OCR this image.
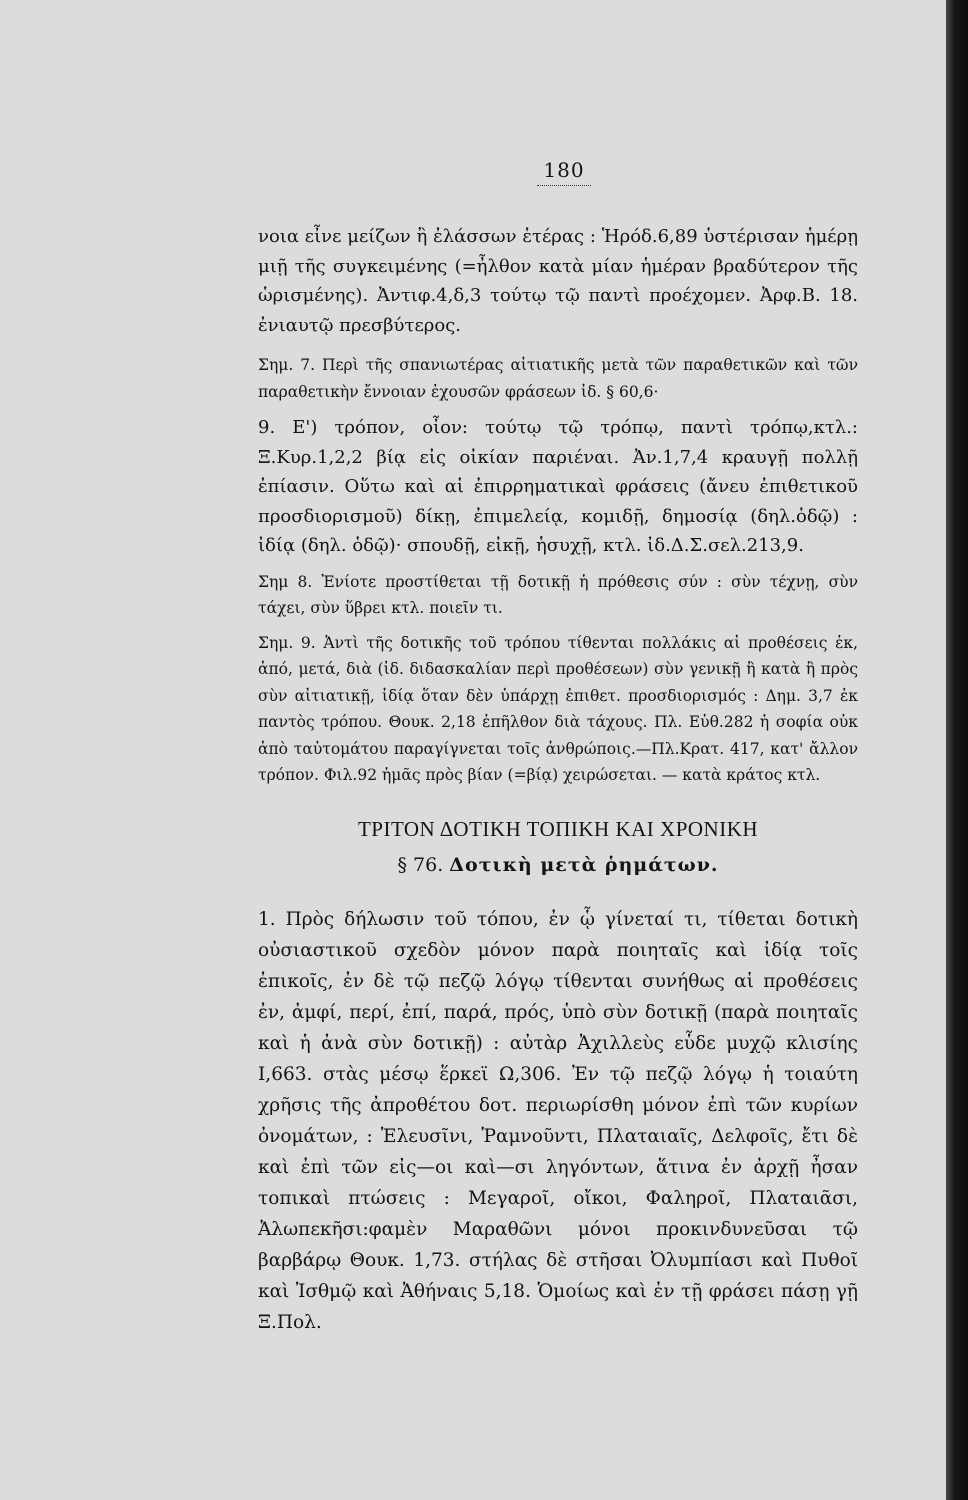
180

νοια εἶνε μείζων ἢ ἐλάσσων ἑτέρας : Ἡρόδ.6,89 ὑστέρισαν ἡμέρῃ μιῇ τῆς συγκειμένης (=ἦλθον κατὰ μίαν ἡμέραν βραδύτερον τῆς ὡρισμένης). Ἀντιφ.4,δ,3 τούτῳ τῷ παντὶ προέχομεν. Ἀρφ.Β. 18. ἐνιαυτῷ πρεσβύτερος.

Σημ. 7. Περὶ τῆς σπανιωτέρας αἰτιατικῆς μετὰ τῶν παραθετικῶν καὶ τῶν παραθετικὴν ἔννοιαν ἐχουσῶν φράσεων ἰδ. § 60,6·

9. Ε') τρόπον, οἷον: τούτῳ τῷ τρόπῳ, παντὶ τρόπῳ,κτλ.: Ξ.Κυρ.1,2,2 βίᾳ εἰς οἰκίαν παριέναι. Ἀν.1,7,4 κραυγῇ πολλῇ ἐπίασιν. Οὕτω καὶ αἱ ἐπιρρηματικαὶ φράσεις (ἄνευ ἐπιθετικοῦ προσδιορισμοῦ) δίκῃ, ἐπιμελείᾳ, κομιδῇ, δημοσίᾳ (δηλ.ὁδῷ) : ἰδίᾳ (δηλ. ὁδῷ)· σπουδῇ, εἰκῇ, ἡσυχῇ, κτλ. ἰδ.Δ.Σ.σελ.213,9.

Σημ 8. Ἐνίοτε προστίθεται τῇ δοτικῇ ἡ πρόθεσις σύν : σὺν τέχνῃ, σὺν τάχει, σὺν ὕβρει κτλ. ποιεῖν τι.

Σημ. 9. Ἀντὶ τῆς δοτικῆς τοῦ τρόπου τίθενται πολλάκις αἱ προθέσεις ἐκ, ἀπό, μετά, διὰ (ἰδ. διδασκαλίαν περὶ προθέσεων) σὺν γενικῇ ἢ κατὰ ἢ πρὸς σὺν αἰτιατικῇ, ἰδίᾳ ὅταν δὲν ὑπάρχῃ ἐπιθετ. προσδιορισμός : Δημ. 3,7 ἐκ παντὸς τρόπου. Θουκ. 2,18 ἐπῆλθον διὰ τάχους. Πλ. Εὐθ.282 ἡ σοφία οὐκ ἀπὸ ταὐτομάτου παραγίγνεται τοῖς ἀνθρώποις.—Πλ.Κρατ. 417, κατ' ἄλλον τρόπον. Φιλ.92 ἡμᾶς πρὸς βίαν (=βίᾳ) χειρώσεται. — κατὰ κράτος κτλ.

ΤΡΙΤΟΝ ΔΟΤΙΚΗ ΤΟΠΙΚΗ ΚΑΙ ΧΡΟΝΙΚΗ
§ 76. Δοτικὴ μετὰ ῥημάτων.

1. Πρὸς δήλωσιν τοῦ τόπου, ἐν ᾧ γίνεταί τι, τίθεται δοτικὴ οὐσιαστικοῦ σχεδὸν μόνον παρὰ ποιηταῖς καὶ ἰδίᾳ τοῖς ἐπικοῖς, ἐν δὲ τῷ πεζῷ λόγῳ τίθενται συνήθως αἱ προθέσεις ἐν, ἀμφί, περί, ἐπί, παρά, πρός, ὑπὸ σὺν δοτικῇ (παρὰ ποιηταῖς καὶ ἡ ἀνὰ σὺν δοτικῇ) : αὐτὰρ Ἀχιλλεὺς εὗδε μυχῷ κλισίης Ι,663. στὰς μέσῳ ἕρκεϊ Ω,306. Ἐν τῷ πεζῷ λόγῳ ἡ τοιαύτη χρῆσις τῆς ἀπροθέτου δοτ. περιωρίσθη μόνον ἐπὶ τῶν κυρίων ὀνομάτων, : Ἐλευσῖνι, Ῥαμνοῦντι, Πλαταιαῖς, Δελφοῖς, ἔτι δὲ καὶ ἐπὶ τῶν εἰς—οι καὶ—σι ληγόντων, ἅτινα ἐν ἀρχῇ ἦσαν τοπικαὶ πτώσεις : Μεγαροῖ, οἴκοι, Φαληροῖ, Πλαταιᾶσι, Ἀλωπεκῆσι:φαμὲν Μαραθῶνι μόνοι προκινδυνεῦσαι τῷ βαρβάρῳ Θουκ. 1,73. στήλας δὲ στῆσαι Ὀλυμπίασι καὶ Πυθοῖ καὶ Ἰσθμῷ καὶ Ἀθήναις 5,18. Ὁμοίως καὶ ἐν τῇ φράσει πάσῃ γῇ Ξ.Πολ.
